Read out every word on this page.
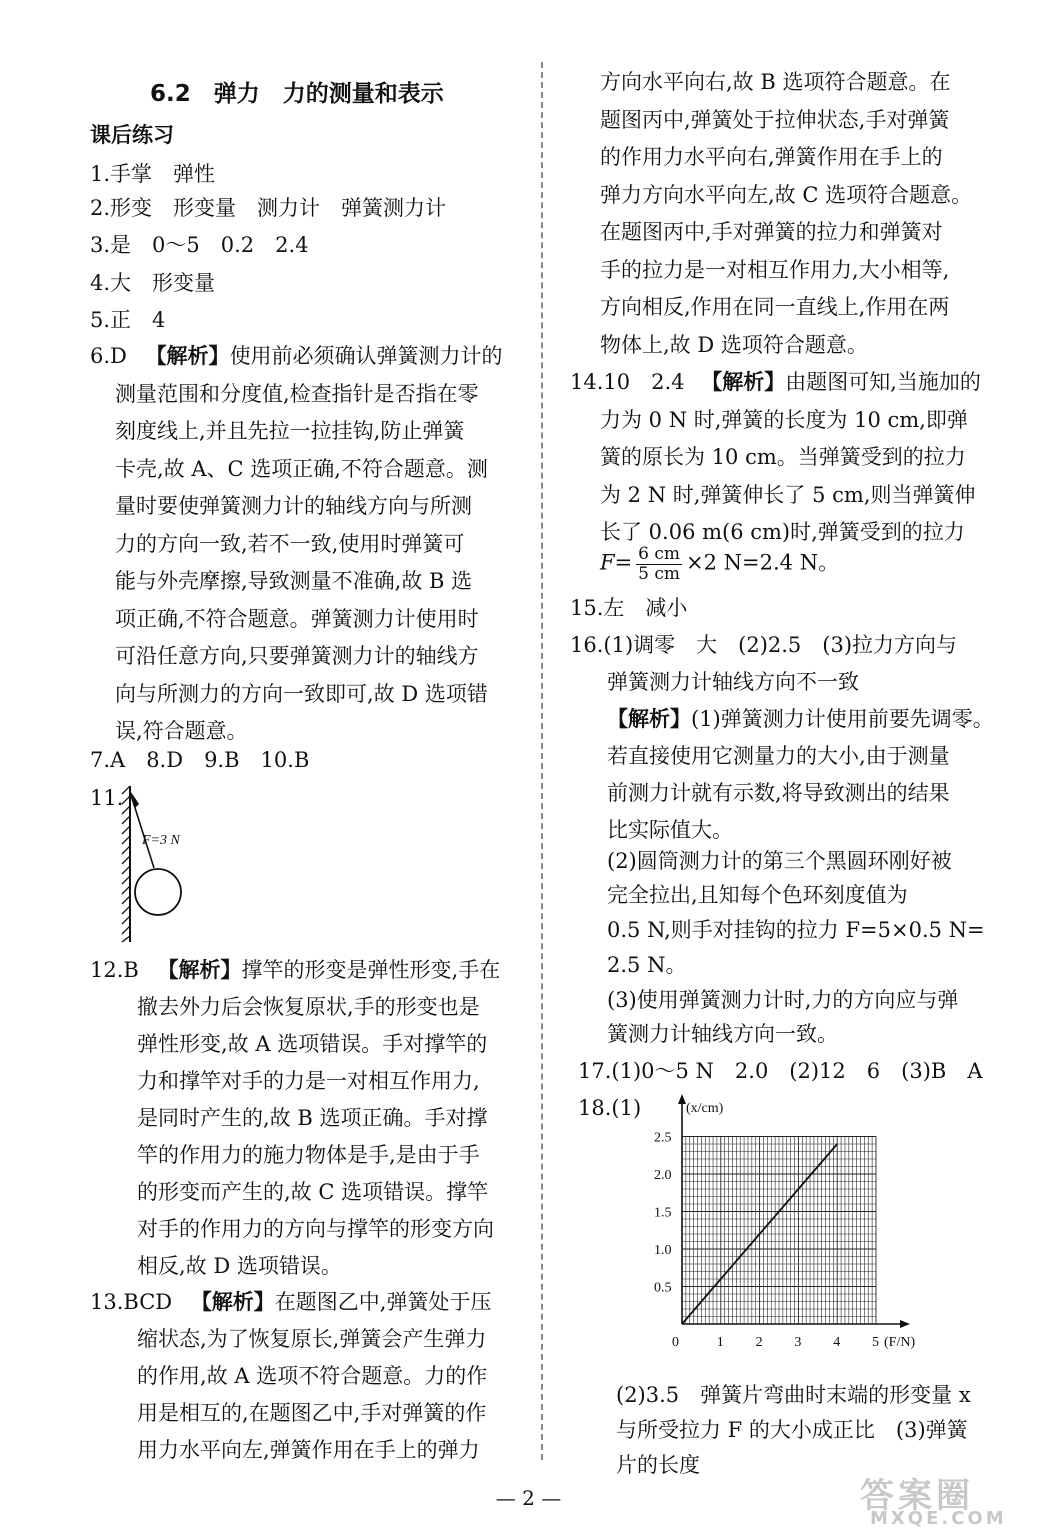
6.2　弹力　力的测量和表示
课后练习
1.手掌　弹性
2.形变　形变量　测力计　弹簧测力计
3.是　0～5　0.2　2.4
4.大　形变量
5.正　4
6.D 【解析】使用前必须确认弹簧测力计的
测量范围和分度值,检查指针是否指在零
刻度线上,并且先拉一拉挂钩,防止弹簧
卡壳,故 A、C 选项正确,不符合题意。测
量时要使弹簧测力计的轴线方向与所测
力的方向一致,若不一致,使用时弹簧可
能与外壳摩擦,导致测量不准确,故 B 选
项正确,不符合题意。弹簧测力计使用时
可沿任意方向,只要弹簧测力计的轴线方
向与所测力的方向一致即可,故 D 选项错
误,符合题意。
7.A　8.D　9.B　10.B
11.
F=3 N
12.B 【解析】撑竿的形变是弹性形变,手在
撤去外力后会恢复原状,手的形变也是
弹性形变,故 A 选项错误。手对撑竿的
力和撑竿对手的力是一对相互作用力,
是同时产生的,故 B 选项正确。手对撑
竿的作用力的施力物体是手,是由于手
的形变而产生的,故 C 选项错误。撑竿
对手的作用力的方向与撑竿的形变方向
相反,故 D 选项错误。
13.BCD 【解析】在题图乙中,弹簧处于压
缩状态,为了恢复原长,弹簧会产生弹力
的作用,故 A 选项不符合题意。力的作
用是相互的,在题图乙中,手对弹簧的作
用力水平向左,弹簧作用在手上的弹力
方向水平向右,故 B 选项符合题意。在
题图丙中,弹簧处于拉伸状态,手对弹簧
的作用力水平向右,弹簧作用在手上的
弹力方向水平向左,故 C 选项符合题意。
在题图丙中,手对弹簧的拉力和弹簧对
手的拉力是一对相互作用力,大小相等,
方向相反,作用在同一直线上,作用在两
物体上,故 D 选项符合题意。
14.10　2.4 【解析】由题图可知,当施加的
力为 0 N 时,弹簧的长度为 10 cm,即弹
簧的原长为 10 cm。当弹簧受到的拉力
为 2 N 时,弹簧伸长了 5 cm,则当弹簧伸
长了 0.06 m(6 cm)时,弹簧受到的拉力
$F= \frac{6 cm}{5 cm} \times 2$ N=2.4 N。
15.左　减小
16.(1)调零　大　(2)2.5　(3)拉力方向与
弹簧测力计轴线方向不一致
【解析】(1)弹簧测力计使用前要先调零。
若直接使用它测量力的大小,由于测量
前测力计就有示数,将导致测出的结果
比实际值大。
(2)圆筒测力计的第三个黑圆环刚好被
完全拉出,且知每个色环刻度值为
0.5 N,则手对挂钩的拉力 F=5×0.5 N=
2.5 N。
(3)使用弹簧测力计时,力的方向应与弹
簧测力计轴线方向一致。
17.(1)0～5 N　2.0　(2)12　6　(3)B　A
18.(1)	(x/cm)
0	1 2 3 4 5 (F/N)
0.5
1.0
1.5
2.0
2.5
(2)3.5　弹簧片弯曲时末端的形变量 x
与所受拉力 F 的大小成正比　(3)弹簧
片的长度
— 2 —	答案圈
MXQE.COM
